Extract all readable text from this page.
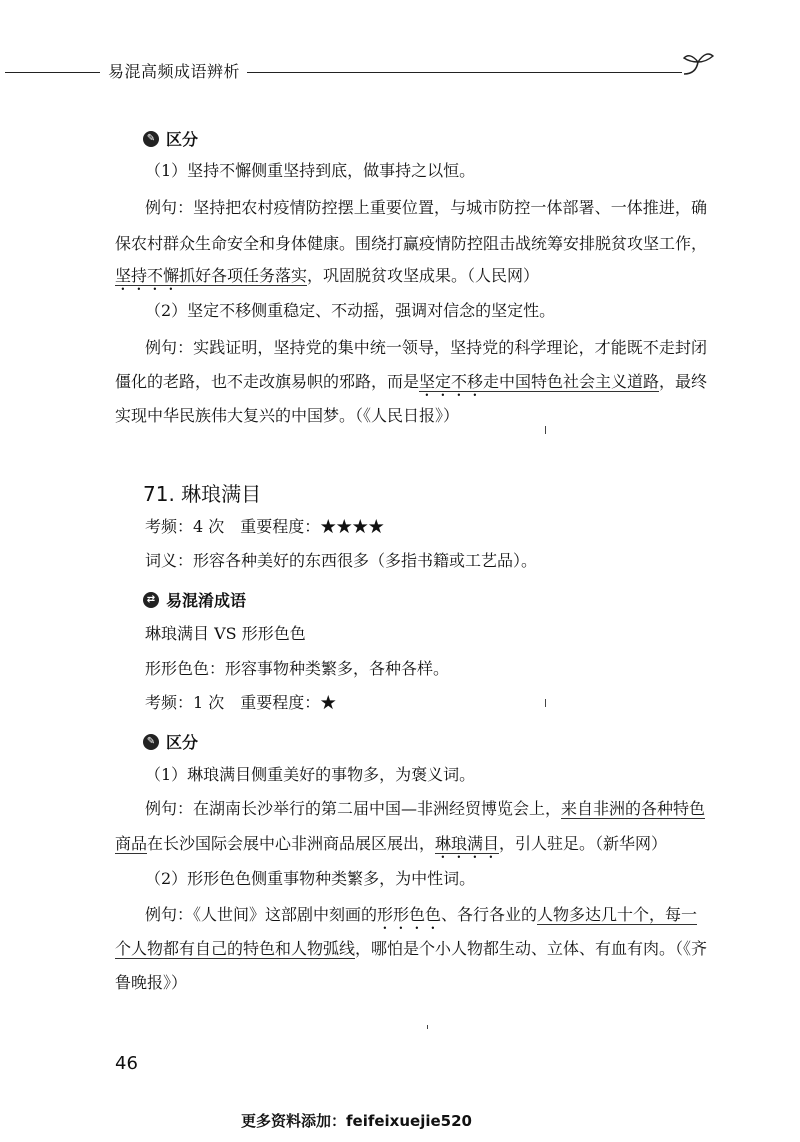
易混高频成语辨析
✎ 区分
（1）坚持不懈侧重坚持到底，做事持之以恒。
例句：坚持把农村疫情防控摆上重要位置，与城市防控一体部署、一体推进，确
保农村群众生命安全和身体健康。围绕打赢疫情防控阻击战统筹安排脱贫攻坚工作，
坚持不懈抓好各项任务落实，巩固脱贫攻坚成果。（人民网）
（2）坚定不移侧重稳定、不动摇，强调对信念的坚定性。
例句：实践证明，坚持党的集中统一领导，坚持党的科学理论，才能既不走封闭
僵化的老路，也不走改旗易帜的邪路，而是坚定不移走中国特色社会主义道路，最终
实现中华民族伟大复兴的中国梦。（《人民日报》）
71. 琳琅满目
考频：4 次　重要程度：★★★★
词义：形容各种美好的东西很多（多指书籍或工艺品）。
⇄ 易混淆成语
琳琅满目 VS 形形色色
形形色色：形容事物种类繁多，各种各样。
考频：1 次　重要程度：★
✎ 区分
（1）琳琅满目侧重美好的事物多，为褒义词。
例句：在湖南长沙举行的第二届中国—非洲经贸博览会上，来自非洲的各种特色
商品在长沙国际会展中心非洲商品展区展出，琳琅满目，引人驻足。（新华网）
（2）形形色色侧重事物种类繁多，为中性词。
例句：《人世间》这部剧中刻画的形形色色、各行各业的人物多达几十个，每一
个人物都有自己的特色和人物弧线，哪怕是个小人物都生动、立体、有血有肉。（《齐
鲁晚报》）
46
更多资料添加：feifeixuejie520
